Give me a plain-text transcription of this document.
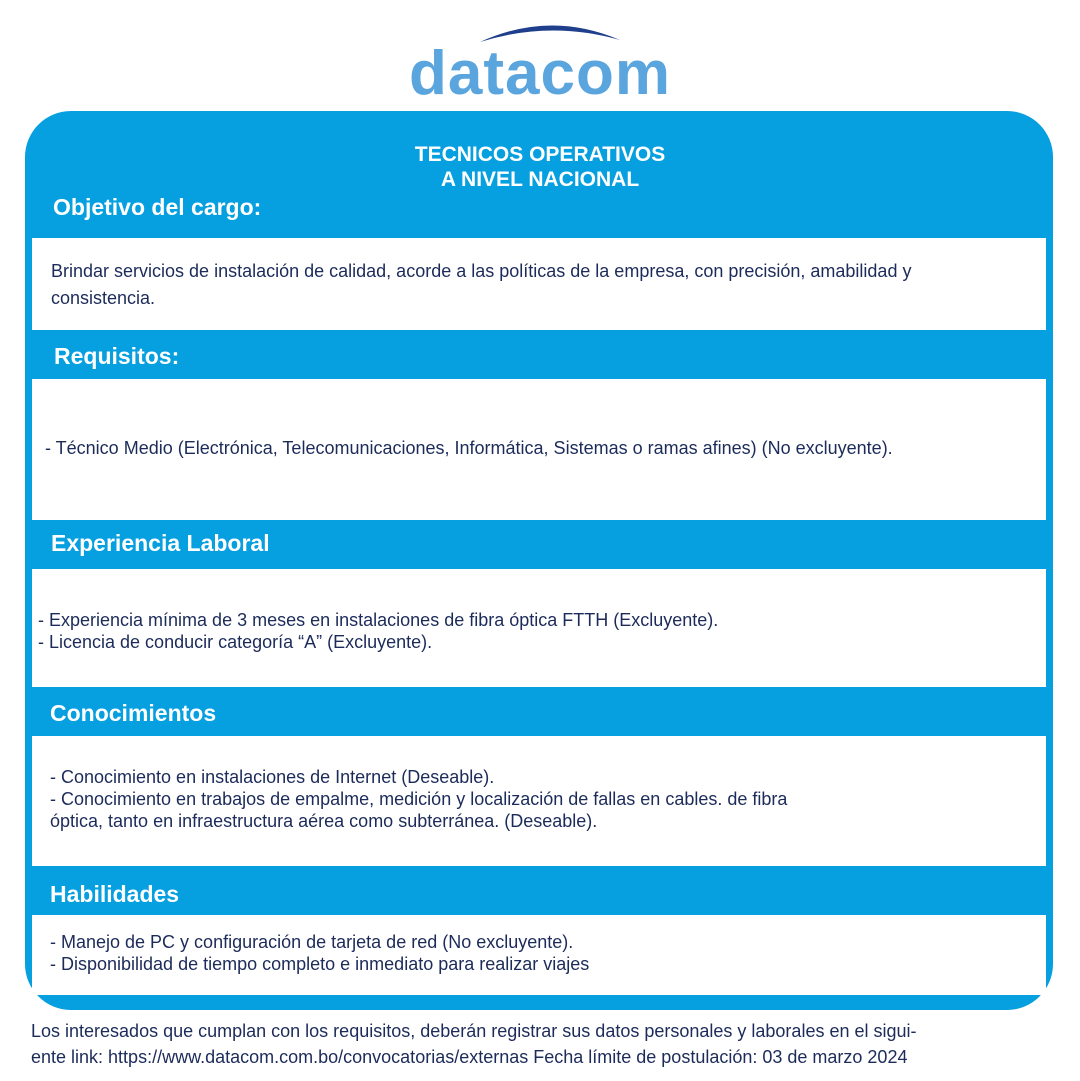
datacom
TECNICOS OPERATIVOS
A NIVEL NACIONAL
Objetivo del cargo:
Brindar servicios de instalación de calidad, acorde a las políticas de la empresa, con precisión, amabilidad y
consistencia.
Requisitos:
- Técnico Medio (Electrónica, Telecomunicaciones, Informática, Sistemas o ramas afines) (No excluyente).
Experiencia Laboral
- Experiencia mínima de 3 meses en instalaciones de fibra óptica FTTH (Excluyente).
- Licencia de conducir categoría “A” (Excluyente).
Conocimientos
- Conocimiento en instalaciones de Internet (Deseable).
- Conocimiento en trabajos de empalme, medición y localización de fallas en cables. de fibra
óptica, tanto en infraestructura aérea como subterránea. (Deseable).
Habilidades
- Manejo de PC y configuración de tarjeta de red (No excluyente).
- Disponibilidad de tiempo completo e inmediato para realizar viajes
Los interesados que cumplan con los requisitos, deberán registrar sus datos personales y laborales en el sigui-
ente link: https://www.datacom.com.bo/convocatorias/externas Fecha límite de postulación: 03 de marzo 2024
